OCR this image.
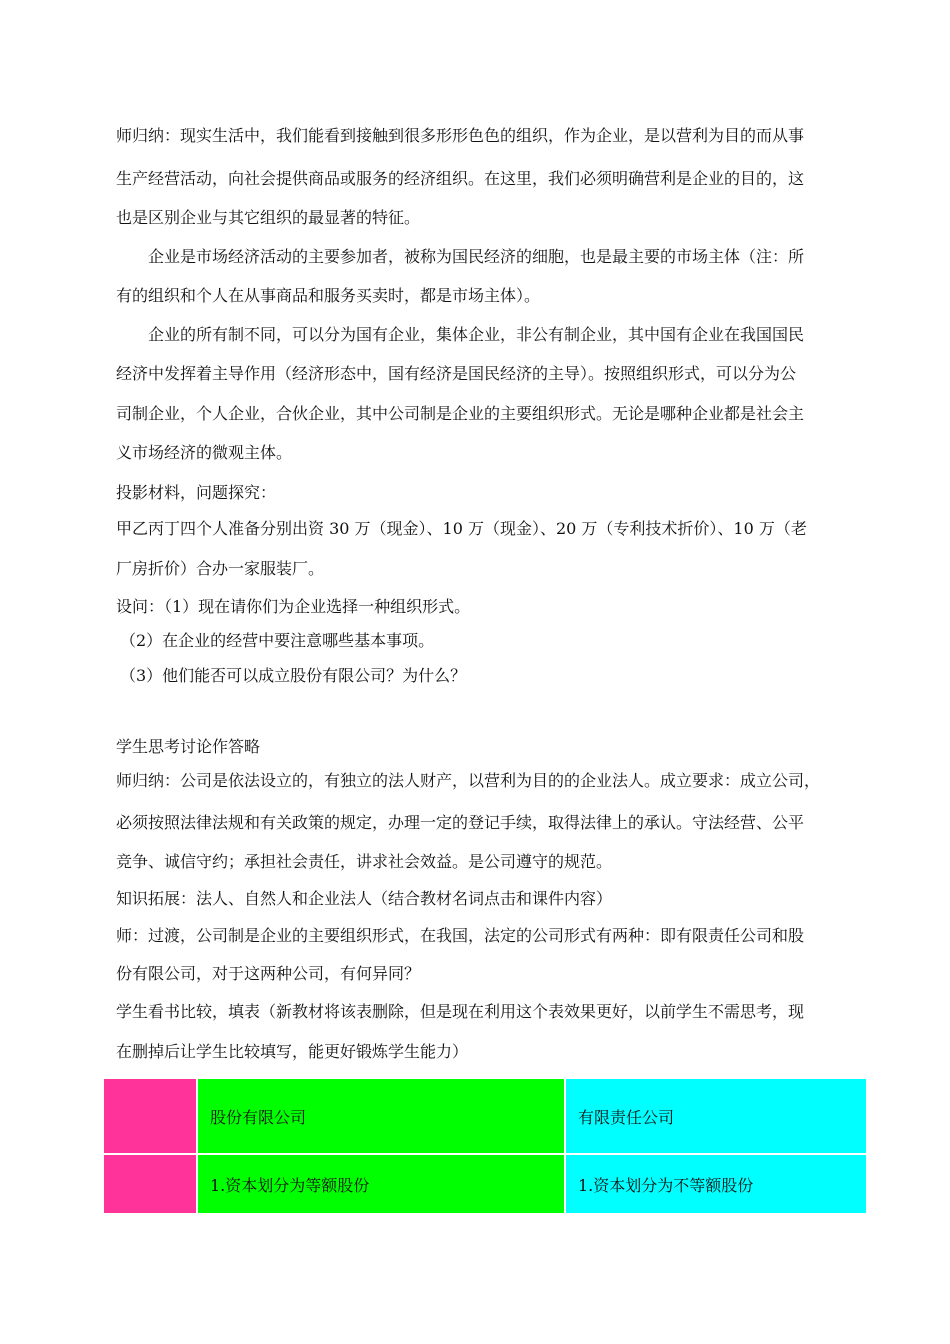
师归纳：现实生活中，我们能看到接触到很多形形色色的组织，作为企业，是以营利为目的而从事
生产经营活动，向社会提供商品或服务的经济组织。在这里，我们必须明确营利是企业的目的，这
也是区别企业与其它组织的最显著的特征。
企业是市场经济活动的主要参加者，被称为国民经济的细胞，也是最主要的市场主体（注：所
有的组织和个人在从事商品和服务买卖时，都是市场主体）。
企业的所有制不同，可以分为国有企业，集体企业，非公有制企业，其中国有企业在我国国民
经济中发挥着主导作用（经济形态中，国有经济是国民经济的主导）。按照组织形式，可以分为公
司制企业，个人企业，合伙企业，其中公司制是企业的主要组织形式。无论是哪种企业都是社会主
义市场经济的微观主体。
投影材料，问题探究：
甲乙丙丁四个人准备分别出资 30 万（现金）、10 万（现金）、20 万（专利技术折价）、10 万（老
厂房折价）合办一家服装厂。
设问：（1）现在请你们为企业选择一种组织形式。
（2）在企业的经营中要注意哪些基本事项。
（3）他们能否可以成立股份有限公司？为什么？
学生思考讨论作答略
师归纳：公司是依法设立的，有独立的法人财产，以营利为目的的企业法人。成立要求：成立公司，
必须按照法律法规和有关政策的规定，办理一定的登记手续，取得法律上的承认。守法经营、公平
竞争、诚信守约；承担社会责任，讲求社会效益。是公司遵守的规范。
知识拓展：法人、自然人和企业法人（结合教材名词点击和课件内容）
师：过渡，公司制是企业的主要组织形式，在我国，法定的公司形式有两种：即有限责任公司和股
份有限公司，对于这两种公司，有何异同？
学生看书比较，填表（新教材将该表删除，但是现在利用这个表效果更好，以前学生不需思考，现
在删掉后让学生比较填写，能更好锻炼学生能力）
	股份有限公司	有限责任公司
	1.资本划分为等额股份	1.资本划分为不等额股份
